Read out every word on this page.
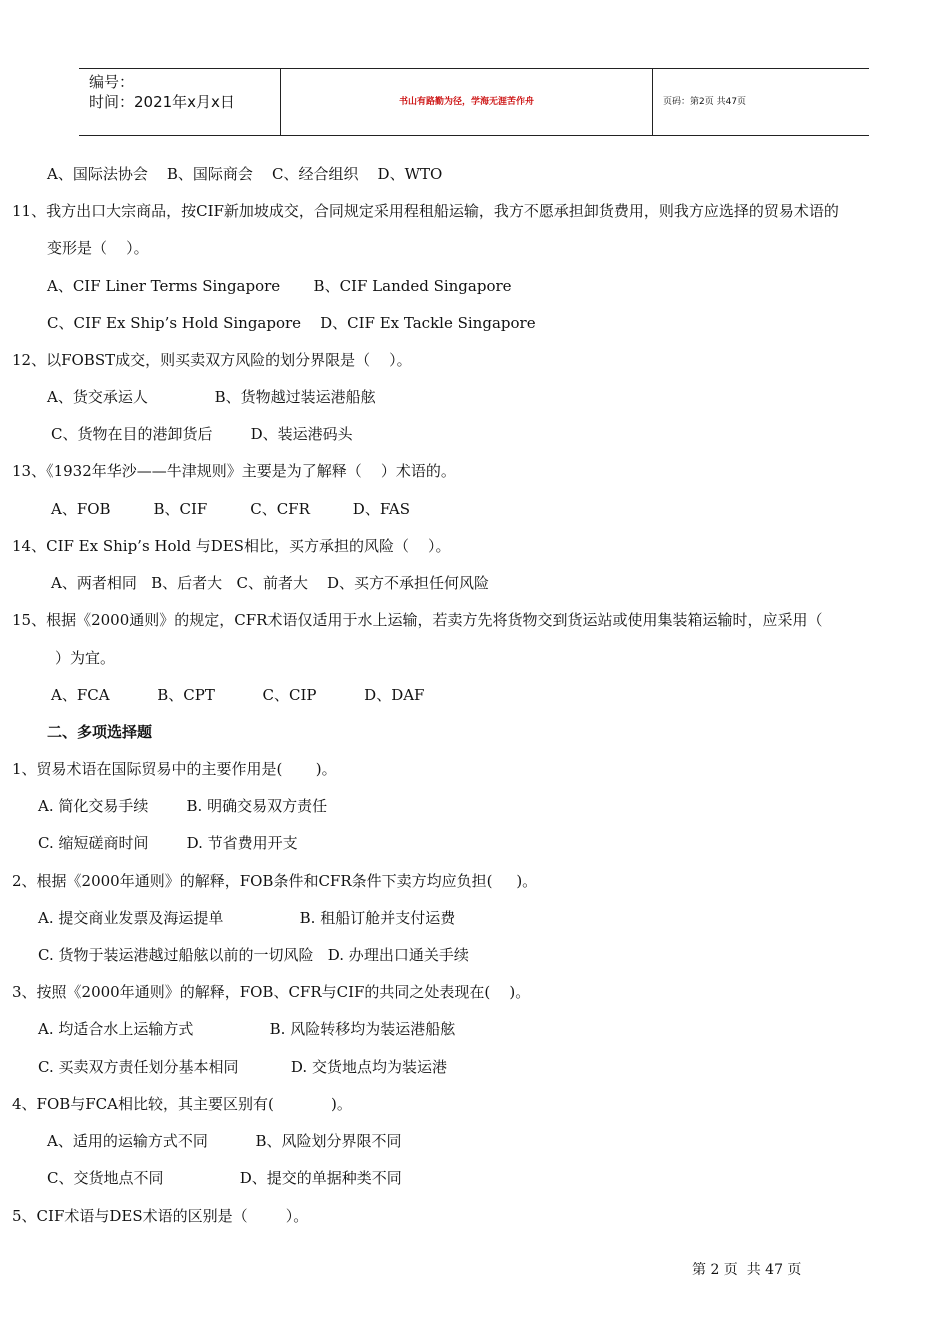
编号：
时间：2021年x月x日	书山有路勤为径，学海无涯苦作舟	页码：第2页 共47页
A、国际法协会    B、国际商会    C、经合组织    D、WTO
11、我方出口大宗商品，按CIF新加坡成交，合同规定采用程租船运输，我方不愿承担卸货费用，则我方应选择的贸易术语的
变形是（    ）。
A、CIF Liner Terms Singapore       B、CIF Landed Singapore
C、CIF Ex Ship’s Hold Singapore    D、CIF Ex Tackle Singapore
12、以FOBST成交，则买卖双方风险的划分界限是（    ）。
A、货交承运人              B、货物越过装运港船舷
C、货物在目的港卸货后        D、装运港码头
13、《1932年华沙——牛津规则》主要是为了解释（    ）术语的。
A、FOB         B、CIF         C、CFR         D、FAS
14、CIF Ex Ship’s Hold 与DES相比，买方承担的风险（    ）。
A、两者相同   B、后者大   C、前者大    D、买方不承担任何风险
15、根据《2000通则》的规定，CFR术语仅适用于水上运输，若卖方先将货物交到货运站或使用集装箱运输时，应采用（
）为宜。
A、FCA          B、CPT          C、CIP          D、DAF
二、多项选择题
1、贸易术语在国际贸易中的主要作用是(       )。
A. 简化交易手续        B. 明确交易双方责任
C. 缩短磋商时间        D. 节省费用开支
2、根据《2000年通则》的解释，FOB条件和CFR条件下卖方均应负担(     )。
A. 提交商业发票及海运提单                B. 租船订舱并支付运费
C. 货物于装运港越过船舷以前的一切风险   D. 办理出口通关手续
3、按照《2000年通则》的解释，FOB、CFR与CIF的共同之处表现在(    )。
A. 均适合水上运输方式                B. 风险转移均为装运港船舷
C. 买卖双方责任划分基本相同           D. 交货地点均为装运港
4、FOB与FCA相比较，其主要区别有(            )。
A、适用的运输方式不同          B、风险划分界限不同
C、交货地点不同                D、提交的单据种类不同
5、CIF术语与DES术语的区别是（        ）。
第 2 页  共 47 页
